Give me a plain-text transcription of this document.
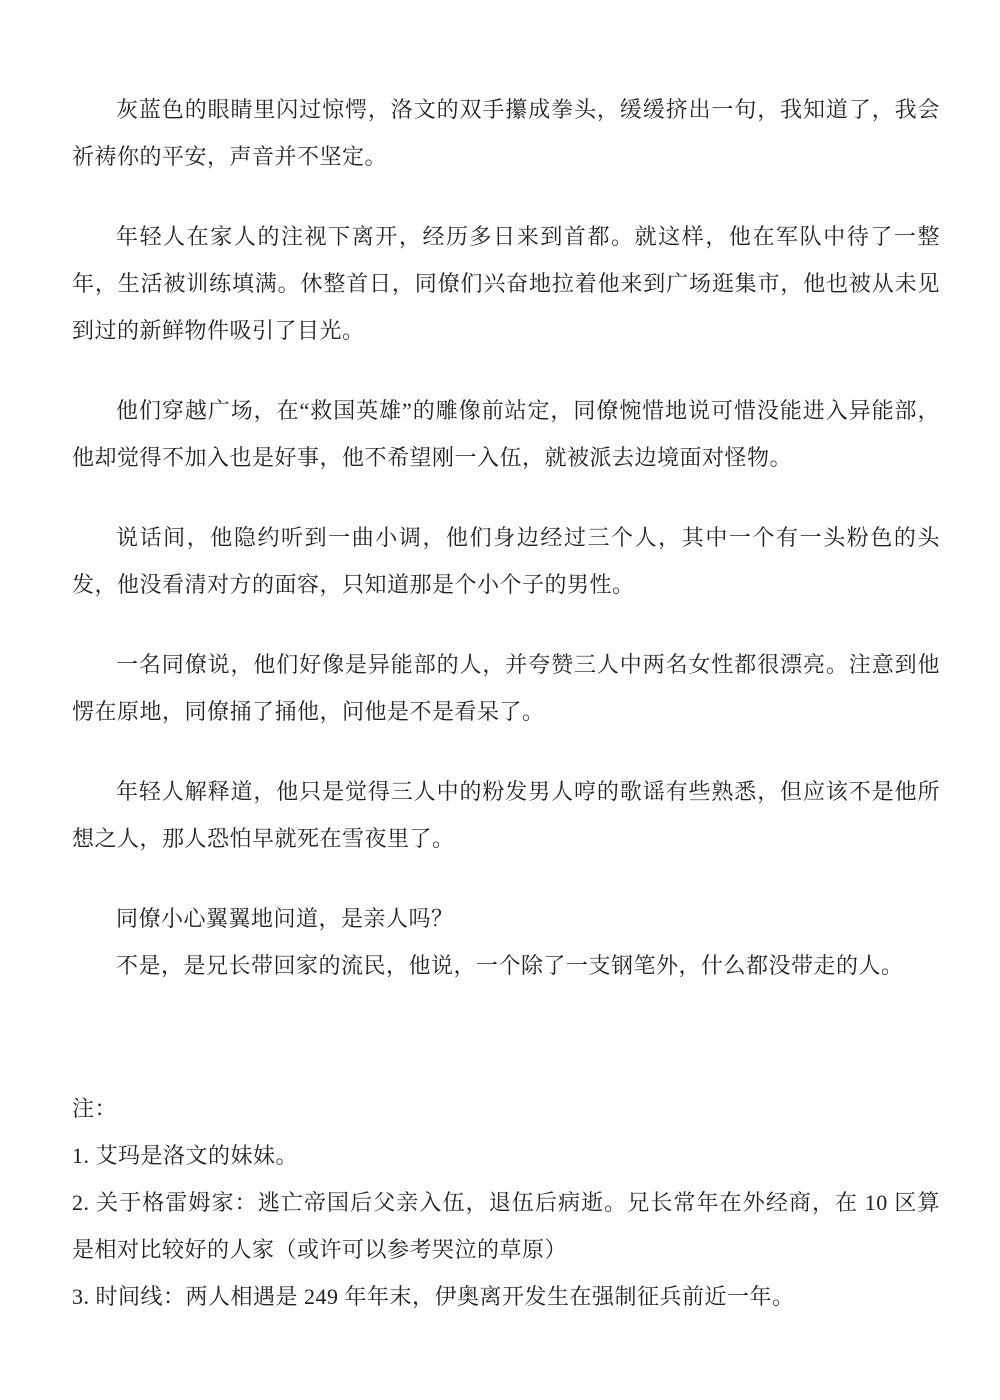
灰蓝色的眼睛里闪过惊愕，洛文的双手攥成拳头，缓缓挤出一句，我知道了，我会祈祷你的平安，声音并不坚定。

年轻人在家人的注视下离开，经历多日来到首都。就这样，他在军队中待了一整年，生活被训练填满。休整首日，同僚们兴奋地拉着他来到广场逛集市，他也被从未见到过的新鲜物件吸引了目光。

他们穿越广场，在“救国英雄”的雕像前站定，同僚惋惜地说可惜没能进入异能部，他却觉得不加入也是好事，他不希望刚一入伍，就被派去边境面对怪物。

说话间，他隐约听到一曲小调，他们身边经过三个人，其中一个有一头粉色的头发，他没看清对方的面容，只知道那是个小个子的男性。

一名同僚说，他们好像是异能部的人，并夸赞三人中两名女性都很漂亮。注意到他愣在原地，同僚捅了捅他，问他是不是看呆了。

年轻人解释道，他只是觉得三人中的粉发男人哼的歌谣有些熟悉，但应该不是他所想之人，那人恐怕早就死在雪夜里了。

同僚小心翼翼地问道，是亲人吗？

不是，是兄长带回家的流民，他说，一个除了一支钢笔外，什么都没带走的人。

注：

1. 艾玛是洛文的妹妹。

2. 关于格雷姆家：逃亡帝国后父亲入伍，退伍后病逝。兄长常年在外经商，在 10 区算是相对比较好的人家（或许可以参考哭泣的草原）

3. 时间线：两人相遇是 249 年年末，伊奥离开发生在强制征兵前近一年。
